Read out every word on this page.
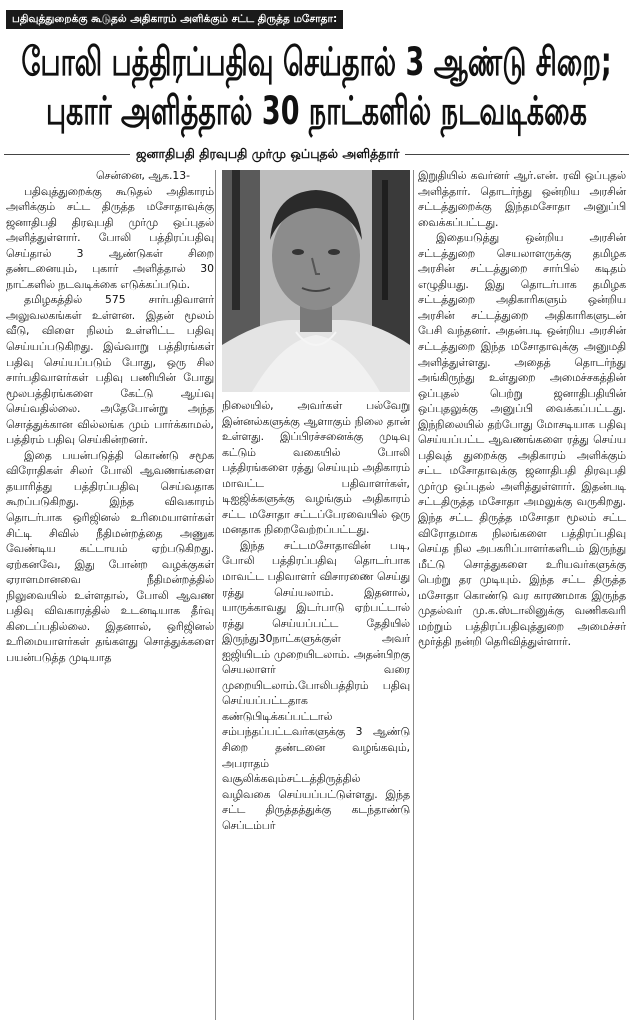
பதிவுத்துறைக்கு கூடுதல் அதிகாரம் அளிக்கும் சட்ட திருத்த மசோதா:
போலி பத்திரப்பதிவு செய்தால் 3 ஆண்டு சிறை;
புகார் அளித்தால் 30 நாட்களில் நடவடிக்கை
ஜனாதிபதி திரவுபதி முர்மு ஒப்புதல் அளித்தார்

சென்னை, ஆக.13-

பதிவுத்துறைக்கு கூடுதல் அதிகாரம் அளிக்கும் சட்ட திருத்த மசோதாவுக்கு ஜனாதிபதி திரவுபதி முர்மு ஒப்புதல் அளித்துள்ளார். போலி பத்திரப்பதிவு செய்தால் 3 ஆண்டுகள் சிறை தண்டனையும், புகார் அளித்தால் 30 நாட்களில் நடவடிக்கை எடுக்கப்படும்.

தமிழகத்தில் 575 சார்பதிவாளர் அலுவலகங்கள் உள்ளன. இதன் மூலம் வீடு, விளை நிலம் உள்ளிட்ட பதிவு செய்யப்படுகிறது. இவ்வாறு பத்திரங்கள் பதிவு செய்யப்படும் போது, ஒரு சில சார்பதிவாளர்கள் பதிவு பணியின் போது மூலபத்திரங்களை கேட்டு ஆய்வு செய்வதில்லை. அதேபோன்று அந்த சொத்துக்கான வில்லங்க மும் பார்க்காமல், பத்திரம் பதிவு செய்கின்றனர்.

இதை பயன்படுத்தி கொண்டு சமூக விரோதிகள் சிலர் போலி ஆவணங்களை தயாரித்து பத்திரப்பதிவு செய்வதாக கூறப்படுகிறது. இந்த விவகாரம் தொடர்பாக ஒரிஜினல் உரிமையாளர்கள் சிட்டி சிவில் நீதிமன்றத்தை அணுக வேண்டிய கட்டாயம் ஏற்படுகிறது. ஏற்கனவே, இது போன்ற வழக்குகள் ஏராளமானவை நீதிமன்றத்தில் நிலுவையில் உள்ளதால், போலி ஆவண பதிவு விவகாரத்தில் உடனடியாக தீர்வு கிடைப்பதில்லை. இதனால், ஒரிஜினல் உரிமையாளர்கள் தங்களது சொத்துக்களை பயன்படுத்த முடியாத

நிலையில், அவர்கள் பல்வேறு இன்னல்களுக்கு ஆளாகும் நிலை தான் உள்ளது. இப்பிரச்சனைக்கு முடிவு கட்டும் வகையில் போலி பத்திரங்களை ரத்து செய்யும் அதிகாரம் மாவட்ட பதிவாளர்கள், டிஐஜிக்களுக்கு வழங்கும் அதிகாரம் சட்ட மசோதா சட்டப்பேரவையில் ஒரு மனதாக நிறைவேற்றப்பட்டது.

இந்த சட்டமசோதாவின் படி, போலி பத்திரப்பதிவு தொடர்பாக மாவட்ட பதிவாளர் விசாரணை செய்து ரத்து செய்யலாம். இதனால், யாருக்காவது இடர்பாடு ஏற்பட்டால் ரத்து செய்யப்பட்ட தேதியில் இருந்து30நாட்களுக்குள் அவர் ஐஜியிடம் முறையிடலாம். அதன்பிறகு செயலாளர் வரை முறையிடலாம்.போலிபத்திரம் பதிவு செய்யப்பட்டதாக கண்டுபிடிக்கப்பட்டால் சம்பந்தப்பட்டவர்களுக்கு 3 ஆண்டு சிறை தண்டனை வழங்கவும், அபராதம் வசூலிக்கவும்சட்டத்திருத்தில் வழிவகை செய்யப்பட்டுள்ளது. இந்த சட்ட திருத்தத்துக்கு கடந்தாண்டு செப்டம்பர்

இறுதியில் கவர்னர் ஆர்.என். ரவி ஒப்புதல் அளித்தார். தொடர்ந்து ஒன்றிய அரசின் சட்டத்துறைக்கு இந்தமசோதா அனுப்பி வைக்கப்பட்டது.

இதையடுத்து ஒன்றிய அரசின் சட்டத்துறை செயலாளருக்கு தமிழக அரசின் சட்டத்துறை சார்பில் கடிதம் எழுதியது. இது தொடர்பாக தமிழக சட்டத்துறை அதிகாரிகளும் ஒன்றிய அரசின் சட்டத்துறை அதிகாரிகளுடன் பேசி வந்தனர். அதன்படி ஒன்றிய அரசின் சட்டத்துறை இந்த மசோதாவுக்கு அனுமதி அளித்துள்ளது. அதைத் தொடர்ந்து அங்கிருந்து உள்துறை அமைச்சகத்தின் ஒப்புதல் பெற்று ஜனாதிபதியின் ஒப்புதலுக்கு அனுப்பி வைக்கப்பட்டது. இந்நிலையில் தற்போது மோசடியாக பதிவு செய்யப்பட்ட ஆவணங்களை ரத்து செய்ய பதிவுத் துறைக்கு அதிகாரம் அளிக்கும் சட்ட மசோதாவுக்கு ஜனாதிபதி திரவுபதி முர்மு ஒப்புதல் அளித்துள்ளார். இதன்படி சட்டதிருத்த மசோதா அமலுக்கு வருகிறது. இந்த சட்ட திருத்த மசோதா மூலம் சட்ட விரோதமாக நிலங்களை பத்திரப்பதிவு செய்த நில அபகரிப்பாளர்களிடம் இருந்து மீட்டு சொத்துகளை உரியவர்களுக்கு பெற்று தர முடியும். இந்த சட்ட திருத்த மசோதா கொண்டு வர காரணமாக இருந்த முதல்வர் மு.க.ஸ்டாலினுக்கு வணிகவரி மற்றும் பத்திரப்பதிவுத்துறை அமைச்சர் மூர்த்தி நன்றி தெரிவித்துள்ளார்.
